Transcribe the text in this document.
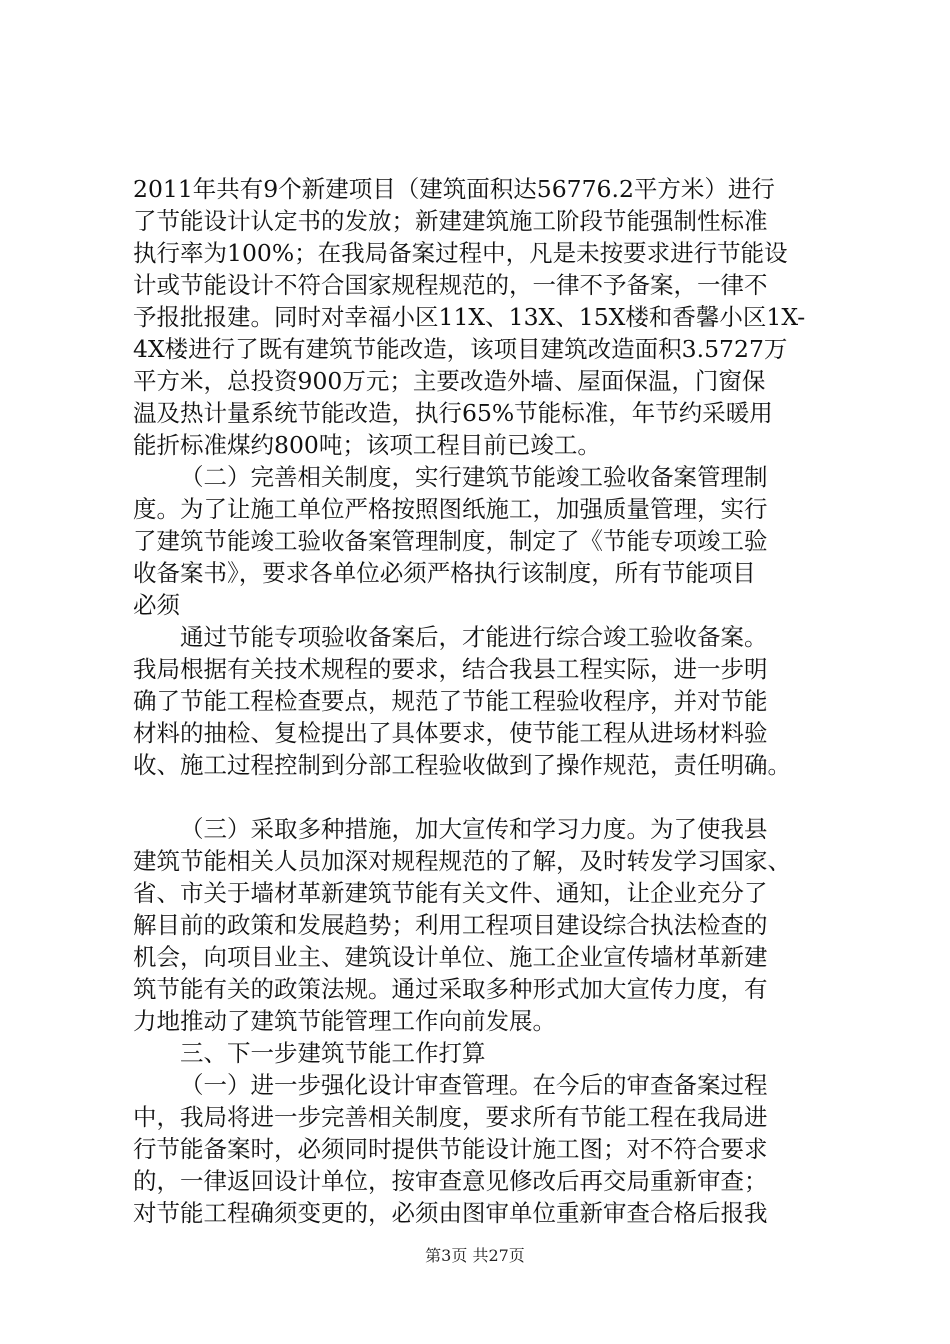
2011年共有9个新建项目（建筑面积达56776.2平方米）进行
了节能设计认定书的发放；新建建筑施工阶段节能强制性标准
执行率为100%；在我局备案过程中，凡是未按要求进行节能设
计或节能设计不符合国家规程规范的，一律不予备案，一律不
予报批报建。同时对幸福小区11X、13X、15X楼和香馨小区1X-
4X楼进行了既有建筑节能改造，该项目建筑改造面积3.5727万
平方米，总投资900万元；主要改造外墙、屋面保温，门窗保
温及热计量系统节能改造，执行65%节能标准，年节约采暖用
能折标准煤约800吨；该项工程目前已竣工。
（二）完善相关制度，实行建筑节能竣工验收备案管理制
度。为了让施工单位严格按照图纸施工，加强质量管理，实行
了建筑节能竣工验收备案管理制度，制定了《节能专项竣工验
收备案书》，要求各单位必须严格执行该制度，所有节能项目
必须
通过节能专项验收备案后，才能进行综合竣工验收备案。
我局根据有关技术规程的要求，结合我县工程实际，进一步明
确了节能工程检查要点，规范了节能工程验收程序，并对节能
材料的抽检、复检提出了具体要求，使节能工程从进场材料验
收、施工过程控制到分部工程验收做到了操作规范，责任明确。
（三）采取多种措施，加大宣传和学习力度。为了使我县
建筑节能相关人员加深对规程规范的了解，及时转发学习国家、
省、市关于墙材革新建筑节能有关文件、通知，让企业充分了
解目前的政策和发展趋势；利用工程项目建设综合执法检查的
机会，向项目业主、建筑设计单位、施工企业宣传墙材革新建
筑节能有关的政策法规。通过采取多种形式加大宣传力度，有
力地推动了建筑节能管理工作向前发展。
三、下一步建筑节能工作打算
（一）进一步强化设计审查管理。在今后的审查备案过程
中，我局将进一步完善相关制度，要求所有节能工程在我局进
行节能备案时，必须同时提供节能设计施工图；对不符合要求
的，一律返回设计单位，按审查意见修改后再交局重新审查；
对节能工程确须变更的，必须由图审单位重新审查合格后报我
第3页 共27页
